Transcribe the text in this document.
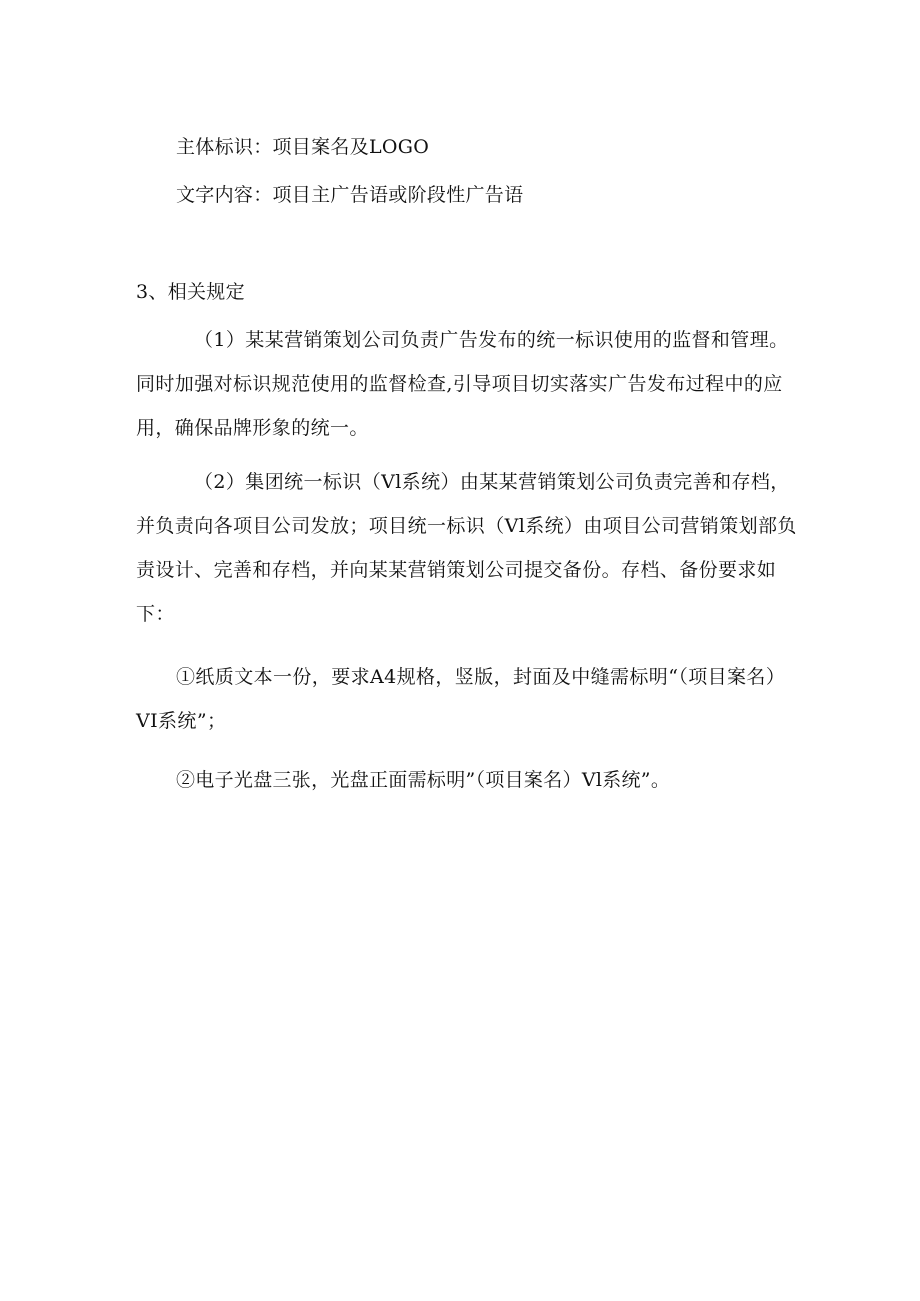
主体标识：项目案名及LOGO
文字内容：项目主广告语或阶段性广告语
3、相关规定
（1）某某营销策划公司负责广告发布的统一标识使用的监督和管理。同时加强对标识规范使用的监督检查,引导项目切实落实广告发布过程中的应用，确保品牌形象的统一。
（2）集团统一标识（Vl系统）由某某营销策划公司负责完善和存档，并负责向各项目公司发放；项目统一标识（Vl系统）由项目公司营销策划部负责设计、完善和存档，并向某某营销策划公司提交备份。存档、备份要求如下：
①纸质文本一份，要求A4规格，竖版，封面及中缝需标明“（项目案名）VI系统”；
②电子光盘三张，光盘正面需标明”（项目案名）Vl系统”。
